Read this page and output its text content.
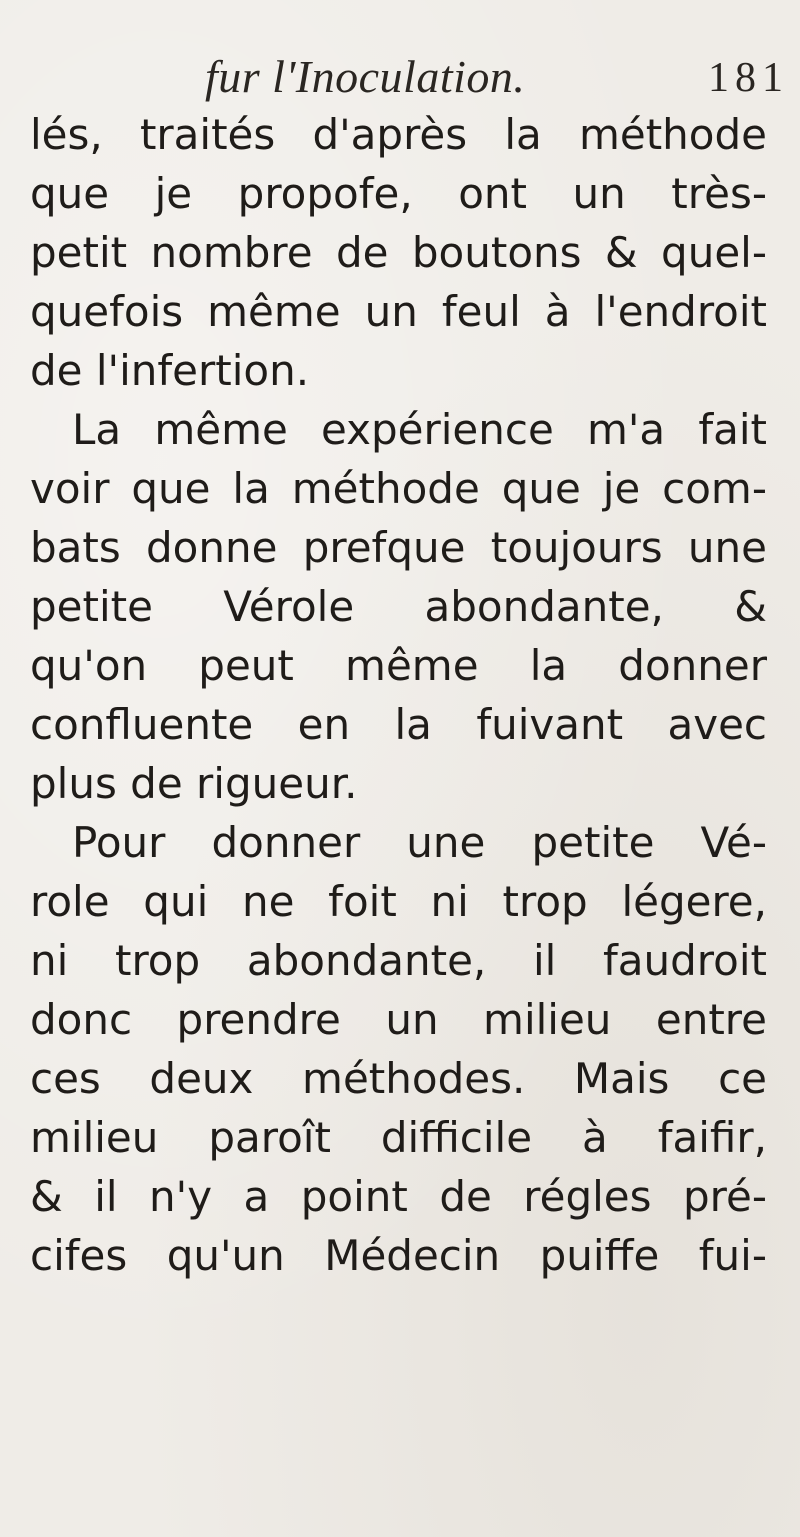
fur l'Inoculation.	181
lés, traités d'après la méthode
que je propofe, ont un très-
petit nombre de boutons & quel-
quefois même un feul à l'endroit
de l'infertion.
La même expérience m'a fait
voir que la méthode que je com-
bats donne prefque toujours une
petite Vérole abondante, &
qu'on peut même la donner
confluente en la fuivant avec
plus de rigueur.
Pour donner une petite Vé-
role qui ne foit ni trop légere,
ni trop abondante, il faudroit
donc prendre un milieu entre
ces deux méthodes. Mais ce
milieu paroît difficile à faifir,
& il n'y a point de régles pré-
cifes qu'un Médecin puiffe fui-
